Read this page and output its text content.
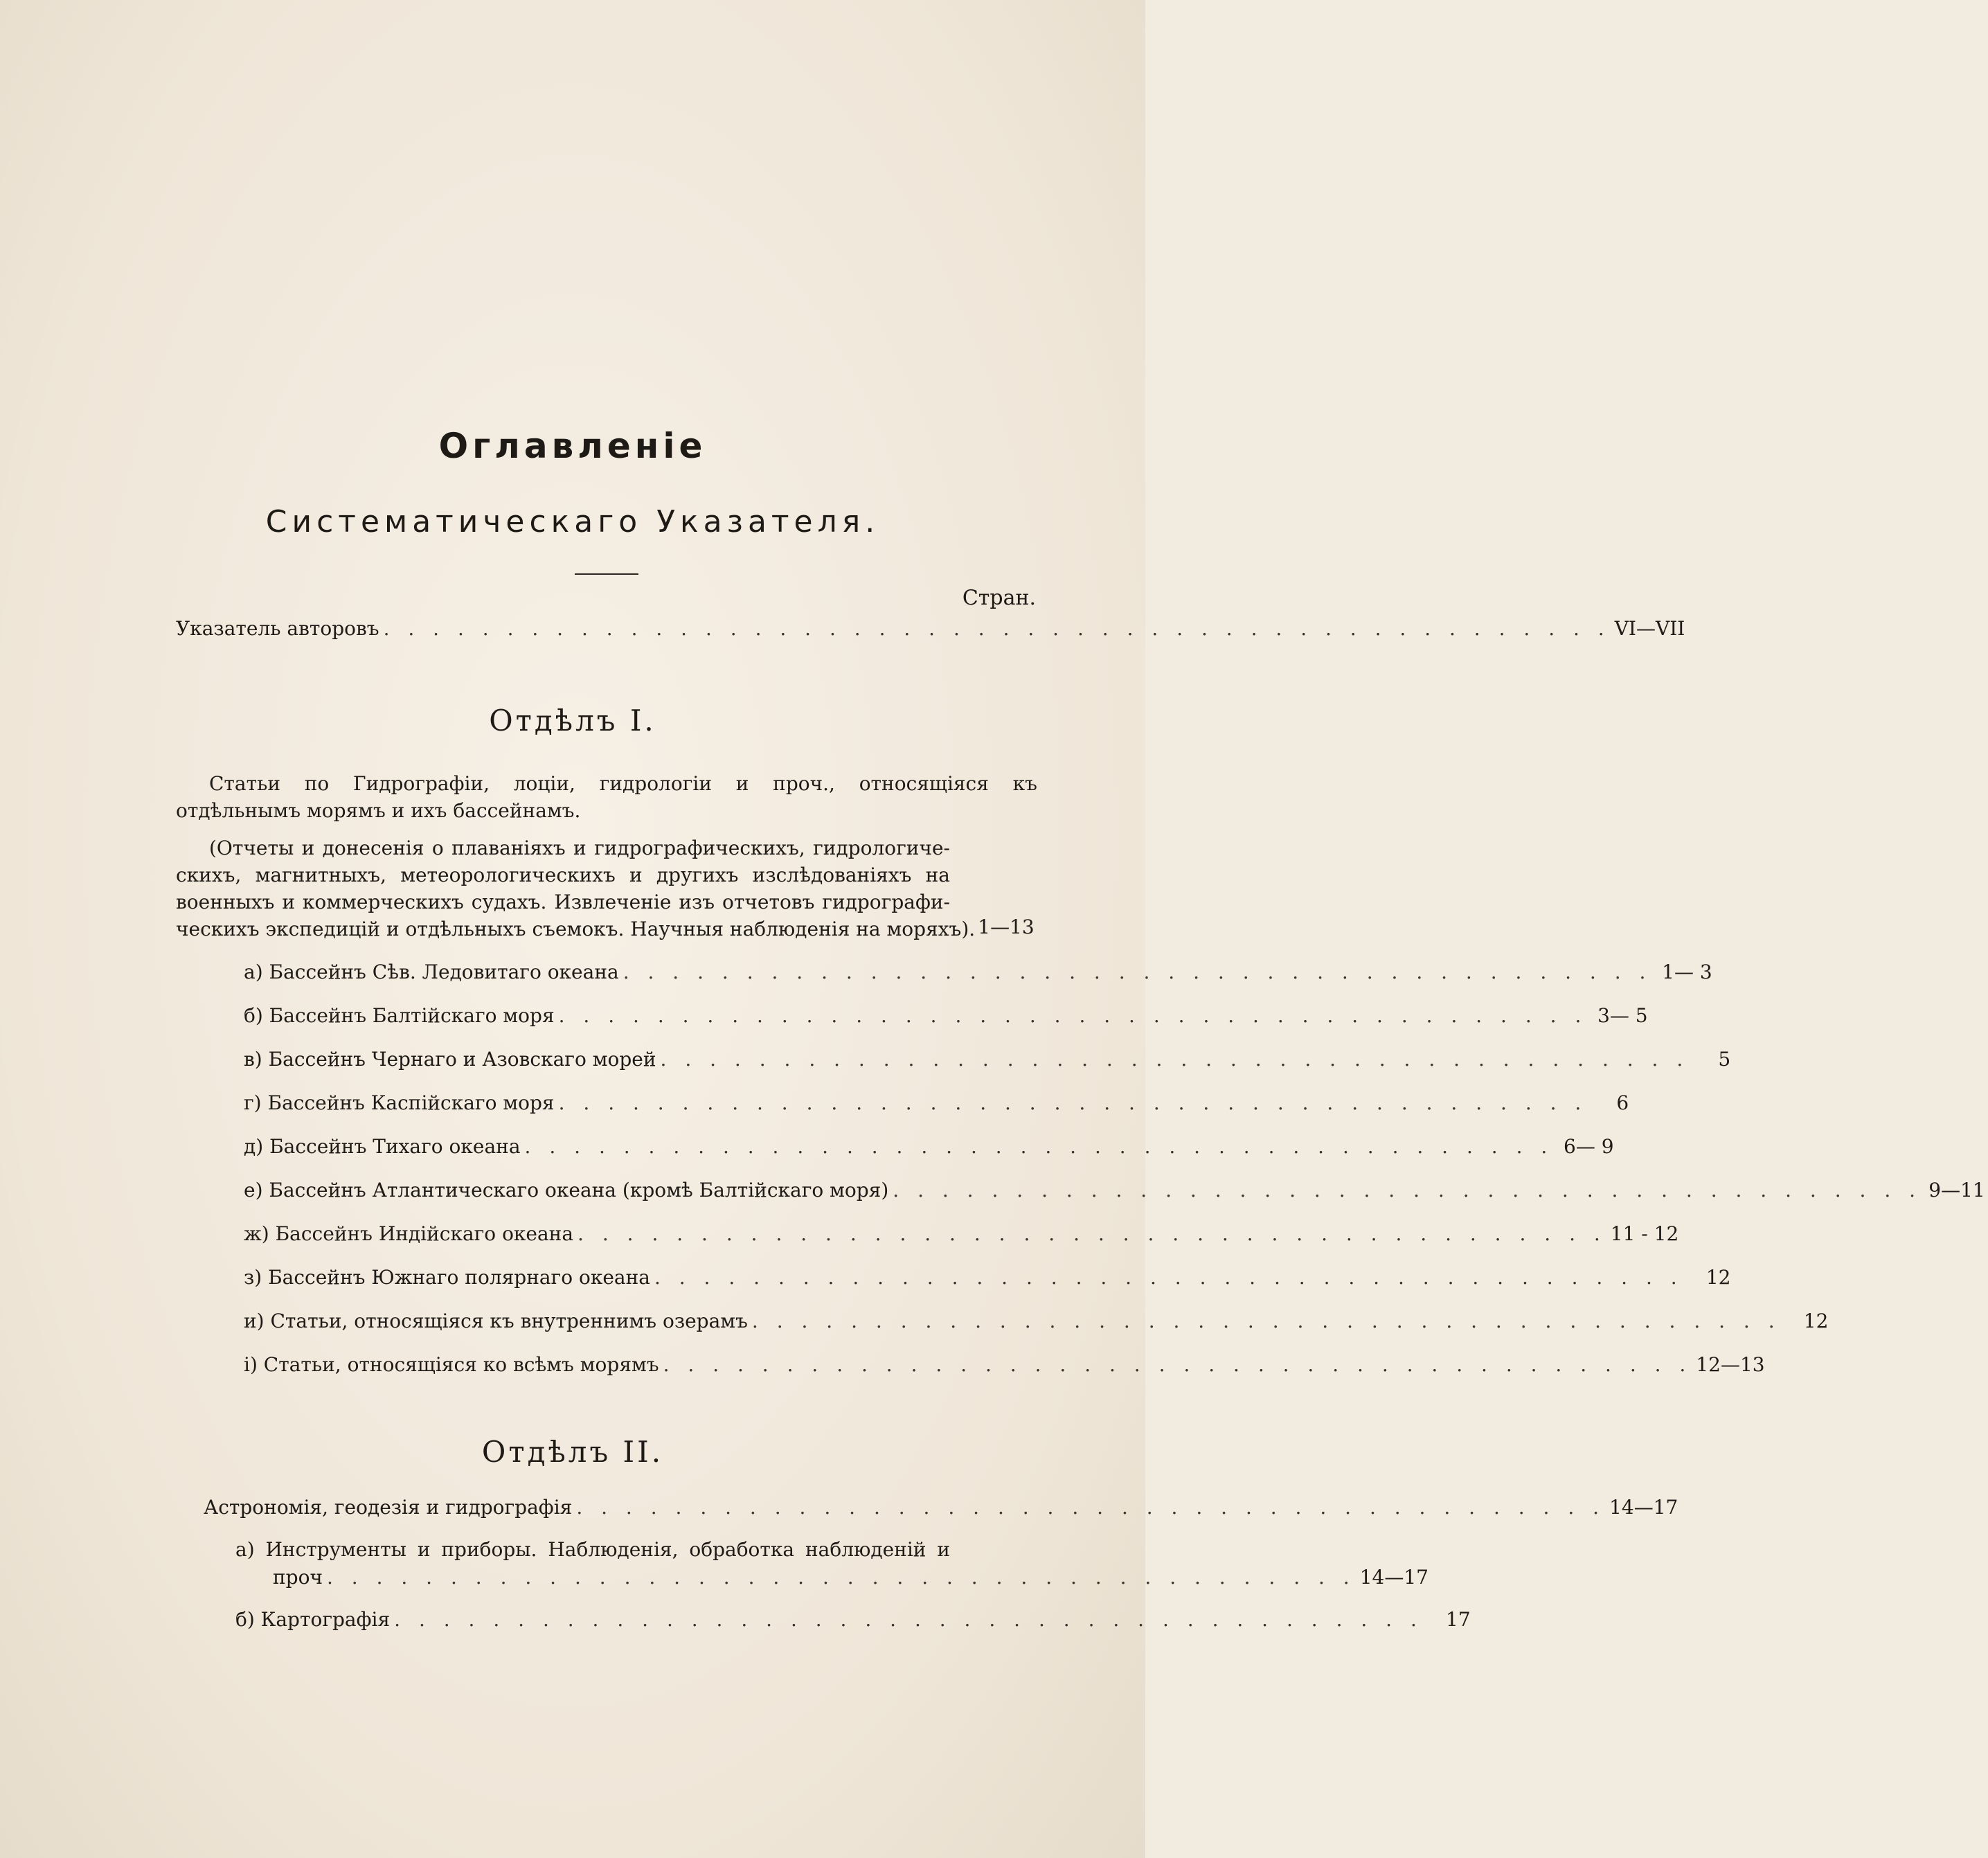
Оглавленіе
Систематическаго Указателя.
Стран.
Указатель авторовъ . . . . . . . . . . . . . . . . . . . . . . . . . . . . . . . . . . . . . . . . . . . . . . . . . . VI—VII
Отдѣлъ I.
Статьи по Гидрографіи, лоціи, гидрологіи и проч., относящіяся къ
отдѣльнымъ морямъ и ихъ бассейнамъ.
(Отчеты и донесенія о плаваніяхъ и гидрографическихъ, гидрологиче-
скихъ, магнитныхъ, метеорологическихъ и другихъ изслѣдованіяхъ на
военныхъ и коммерческихъ судахъ. Извлеченіе изъ отчетовъ гидрографи-
ческихъ экспедицій и отдѣльныхъ съемокъ. Научныя наблюденія на моряхъ). 1—13
а) Бассейнъ Сѣв. Ледовитаго океана . . . . . . . . . . . . . . . . . . . . . . . . . . . . . . . . . . . . . . . . . . 1— 3
б) Бассейнъ Балтійскаго моря . . . . . . . . . . . . . . . . . . . . . . . . . . . . . . . . . . . . . . . . . . 3— 5
в) Бассейнъ Чернаго и Азовскаго морей . . . . . . . . . . . . . . . . . . . . . . . . . . . . . . . . . . . . . . . . . .	5
г) Бассейнъ Каспійскаго моря . . . . . . . . . . . . . . . . . . . . . . . . . . . . . . . . . . . . . . . . . .	6
д) Бассейнъ Тихаго океана . . . . . . . . . . . . . . . . . . . . . . . . . . . . . . . . . . . . . . . . . . 6— 9
е) Бассейнъ Атлантическаго океана (кромѣ Балтійскаго моря) . . . . . . . . . . . . . . . . . . . . . . . . . . . . . . . . . . . . . . . . . . 9—11
ж) Бассейнъ Индійскаго океана . . . . . . . . . . . . . . . . . . . . . . . . . . . . . . . . . . . . . . . . . . 11 - 12
з) Бассейнъ Южнаго полярнаго океана . . . . . . . . . . . . . . . . . . . . . . . . . . . . . . . . . . . . . . . . . .	12
и) Статьи, относящіяся къ внутреннимъ озерамъ . . . . . . . . . . . . . . . . . . . . . . . . . . . . . . . . . . . . . . . . . .	12
і) Статьи, относящіяся ко всѣмъ морямъ . . . . . . . . . . . . . . . . . . . . . . . . . . . . . . . . . . . . . . . . . . 12—13
Отдѣлъ II.
Астрономія, геодезія и гидрографія . . . . . . . . . . . . . . . . . . . . . . . . . . . . . . . . . . . . . . . . . . 14—17
а) Инструменты и приборы. Наблюденія, обработка наблюденій и
проч . . . . . . . . . . . . . . . . . . . . . . . . . . . . . . . . . . . . . . . . . . 14—17
б) Картографія . . . . . . . . . . . . . . . . . . . . . . . . . . . . . . . . . . . . . . . . . .	17
